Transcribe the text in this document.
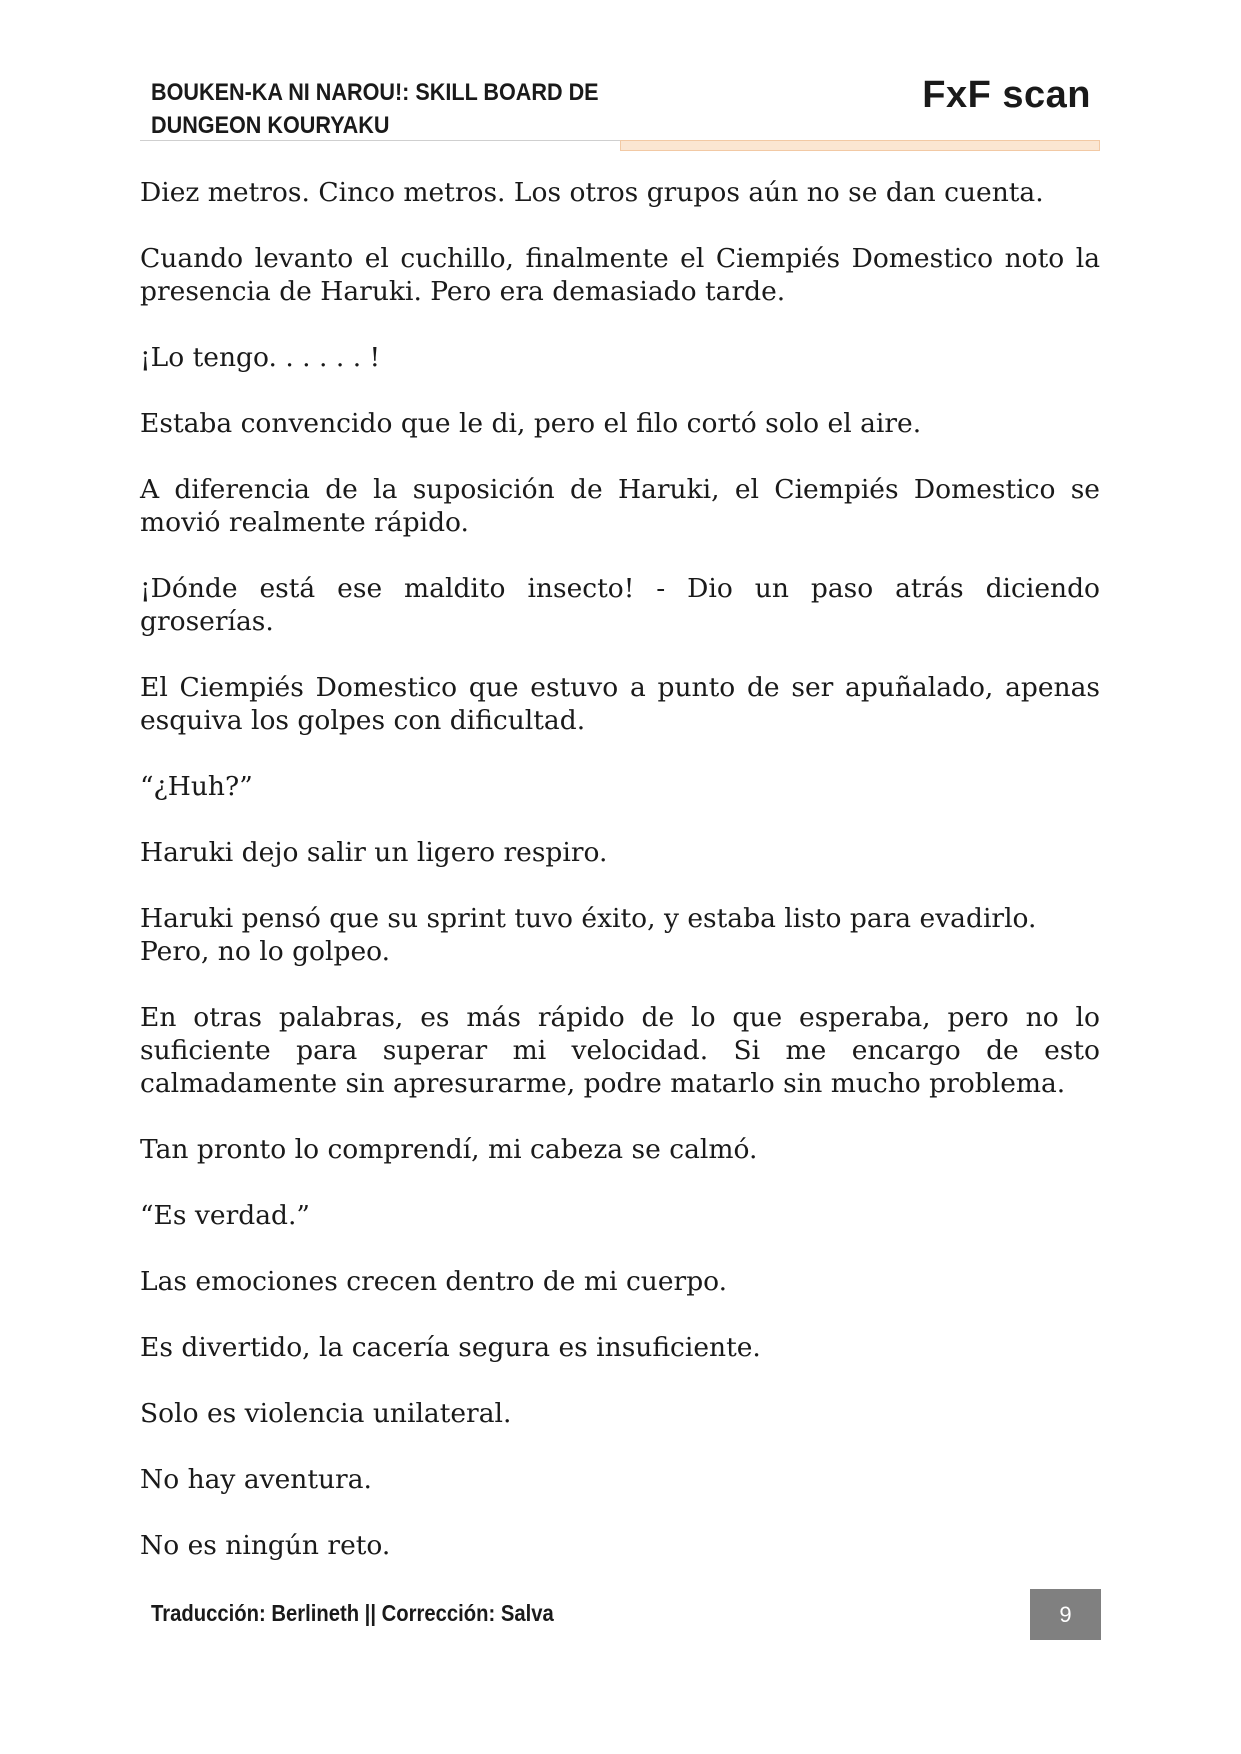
BOUKEN-KA NI NAROU!: SKILL BOARD DE
DUNGEON KOURYAKU
FxF scan

Diez metros. Cinco metros. Los otros grupos aún no se dan cuenta.

Cuando levanto el cuchillo, finalmente el Ciempiés Domestico noto la presencia de Haruki. Pero era demasiado tarde.

¡Lo tengo. . . . . . !

Estaba convencido que le di, pero el filo cortó solo el aire.

A diferencia de la suposición de Haruki, el Ciempiés Domestico se movió realmente rápido.

¡Dónde está ese maldito insecto! - Dio un paso atrás diciendo groserías.

El Ciempiés Domestico que estuvo a punto de ser apuñalado, apenas esquiva los golpes con dificultad.

“¿Huh?”

Haruki dejo salir un ligero respiro.

Haruki pensó que su sprint tuvo éxito, y estaba listo para evadirlo.
Pero, no lo golpeo.

En otras palabras, es más rápido de lo que esperaba, pero no lo suficiente para superar mi velocidad. Si me encargo de esto calmadamente sin apresurarme, podre matarlo sin mucho problema.

Tan pronto lo comprendí, mi cabeza se calmó.

“Es verdad.”

Las emociones crecen dentro de mi cuerpo.

Es divertido, la cacería segura es insuficiente.

Solo es violencia unilateral.

No hay aventura.

No es ningún reto.

Traducción: Berlineth || Corrección: Salva	9
